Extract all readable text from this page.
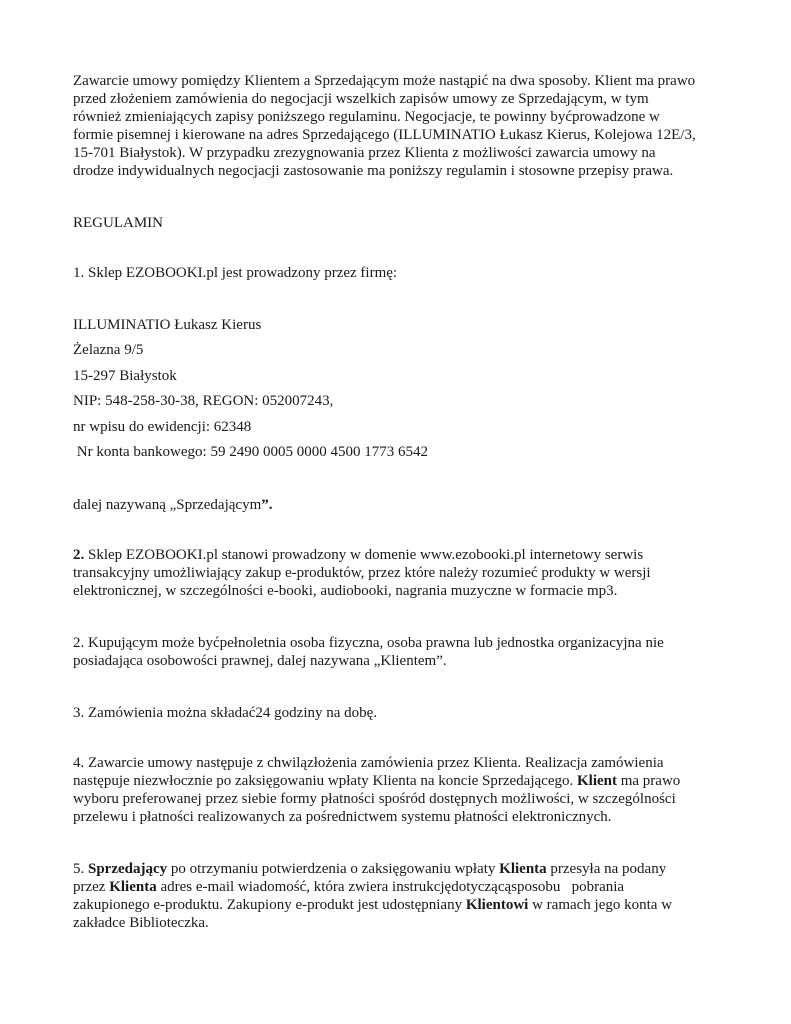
Zawarcie umowy pomiędzy Klientem a Sprzedającym może nastąpić na dwa sposoby. Klient ma prawo

przed złożeniem zamówienia do negocjacji wszelkich zapisów umowy ze Sprzedającym, w tym

również zmieniających zapisy poniższego regulaminu. Negocjacje, te powinny byćprowadzone w

formie pisemnej i kierowane na adres Sprzedającego (ILLUMINATIO Łukasz Kierus, Kolejowa 12E/3,

15-701 Białystok). W przypadku zrezygnowania przez Klienta z możliwości zawarcia umowy na

drodze indywidualnych negocjacji zastosowanie ma poniższy regulamin i stosowne przepisy prawa.

REGULAMIN

1. Sklep EZOBOOKI.pl jest prowadzony przez firmę:

ILLUMINATIO Łukasz Kierus

Żelazna 9/5

15-297 Białystok

NIP: 548-258-30-38, REGON: 052007243,

nr wpisu do ewidencji: 62348

Nr konta bankowego: 59 2490 0005 0000 4500 1773 6542

dalej nazywaną „Sprzedającym”.

2. Sklep EZOBOOKI.pl stanowi prowadzony w domenie www.ezobooki.pl internetowy serwis

transakcyjny umożliwiający zakup e-produktów, przez które należy rozumieć produkty w wersji

elektronicznej, w szczególności e-booki, audiobooki, nagrania muzyczne w formacie mp3.

2. Kupującym może byćpełnoletnia osoba fizyczna, osoba prawna lub jednostka organizacyjna nie

posiadająca osobowości prawnej, dalej nazywana „Klientem”.

3. Zamówienia można składać24 godziny na dobę.

4. Zawarcie umowy następuje z chwilązłożenia zamówienia przez Klienta. Realizacja zamówienia

następuje niezwłocznie po zaksięgowaniu wpłaty Klienta na koncie Sprzedającego. Klient ma prawo

wyboru preferowanej przez siebie formy płatności spośród dostępnych możliwości, w szczególności

przelewu i płatności realizowanych za pośrednictwem systemu płatności elektronicznych.

5. Sprzedający po otrzymaniu potwierdzenia o zaksięgowaniu wpłaty Klienta przesyła na podany

przez Klienta adres e-mail wiadomość, która zwiera instrukcjędotyczącąsposobu   pobrania

zakupionego e-produktu. Zakupiony e-produkt jest udostępniany Klientowi w ramach jego konta w

zakładce Biblioteczka.
